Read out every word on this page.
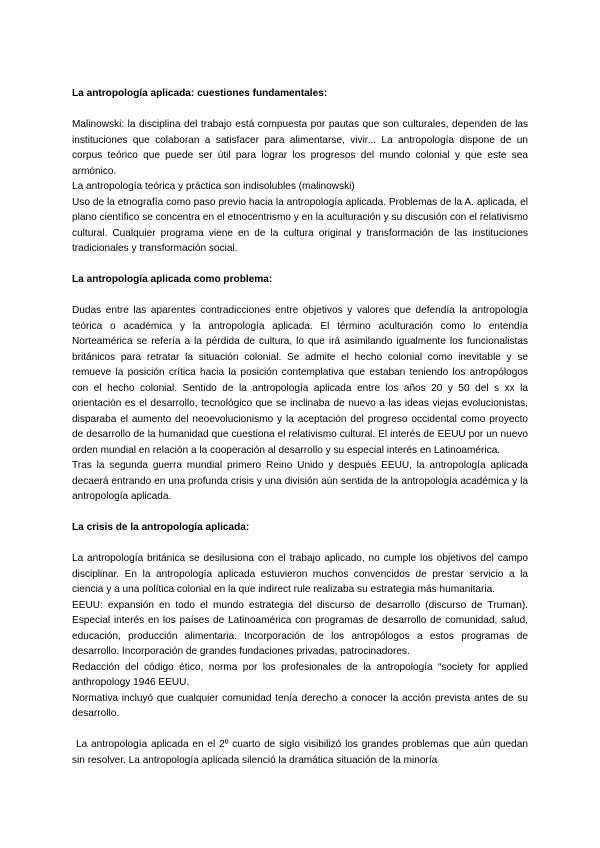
La antropología aplicada: cuestiones fundamentales:

Malinowski: la disciplina del trabajo está compuesta por pautas que son culturales, dependen de las instituciones que colaboran a satisfacer para alimentarse, vivir... La antropología dispone de un corpus teórico que puede ser útil para lograr los progresos del mundo colonial y que este sea armónico.

La antropología teórica y práctica son indisolubles (malinowski)

Uso de la etnografía como paso previo hacia la antropología aplicada. Problemas de la A. aplicada, el plano científico se concentra en el etnocentrismo y en la aculturación y su discusión con el relativismo cultural. Cualquier programa viene en de la cultura original y transformación de las instituciones tradicionales y transformación social.

La antropología aplicada como problema:

Dudas entre las aparentes contradicciones entre objetivos y valores que defendía la antropología teórica o académica y la antropología aplicada. El término aculturación como lo entendía Norteamérica se refería a la pérdida de cultura, lo que irá asimilando igualmente los funcionalistas británicos para retratar la situación colonial. Se admite el hecho colonial como inevitable y se remueve la posición crítica hacia la posición contemplativa que estaban teniendo los antropólogos con el hecho colonial. Sentido de la antropología aplicada entre los años 20 y 50 del s xx la orientación es el desarrollo, tecnológico que se inclinaba de nuevo a las ideas viejas evolucionistas, disparaba el aumento del neoevolucionismo y la aceptación del progreso occidental como proyecto de desarrollo de la humanidad que cuestiona el relativismo cultural. El interés de EEUU por un nuevo orden mundial en relación a la cooperación al desarrollo y su especial interés en Latinoamérica.

Tras la segunda guerra mundial primero Reino Unido y después EEUU, la antropología aplicada decaerá entrando en una profunda crisis y una división aún sentida de la antropología académica y la antropología aplicada.

La crisis de la antropología aplicada:

La antropología británica se desilusiona con el trabajo aplicado, no cumple los objetivos del campo disciplinar. En la antropología aplicada estuvieron muchos convencidos de prestar servicio a la ciencia y a una política colonial en la que indirect rule realizaba su estrategia más humanitaria.

EEUU: expansión en todo el mundo estrategia del discurso de desarrollo (discurso de Truman). Especial interés en los países de Latinoamérica con programas de desarrollo de comunidad, salud, educación, producción alimentaria. Incorporación de los antropólogos a estos programas de desarrollo. Incorporación de grandes fundaciones privadas, patrocinadores.

Redacción del código ético, norma por los profesionales de la antropología “society for applied anthropology 1946 EEUU.

Normativa incluyó que cualquier comunidad tenía derecho a conocer la acción prevista antes de su desarrollo.

La antropología aplicada en el 2º cuarto de siglo visibilizó los grandes problemas que aún quedan sin resolver. La antropología aplicada silenció la dramática situación de la minoría
